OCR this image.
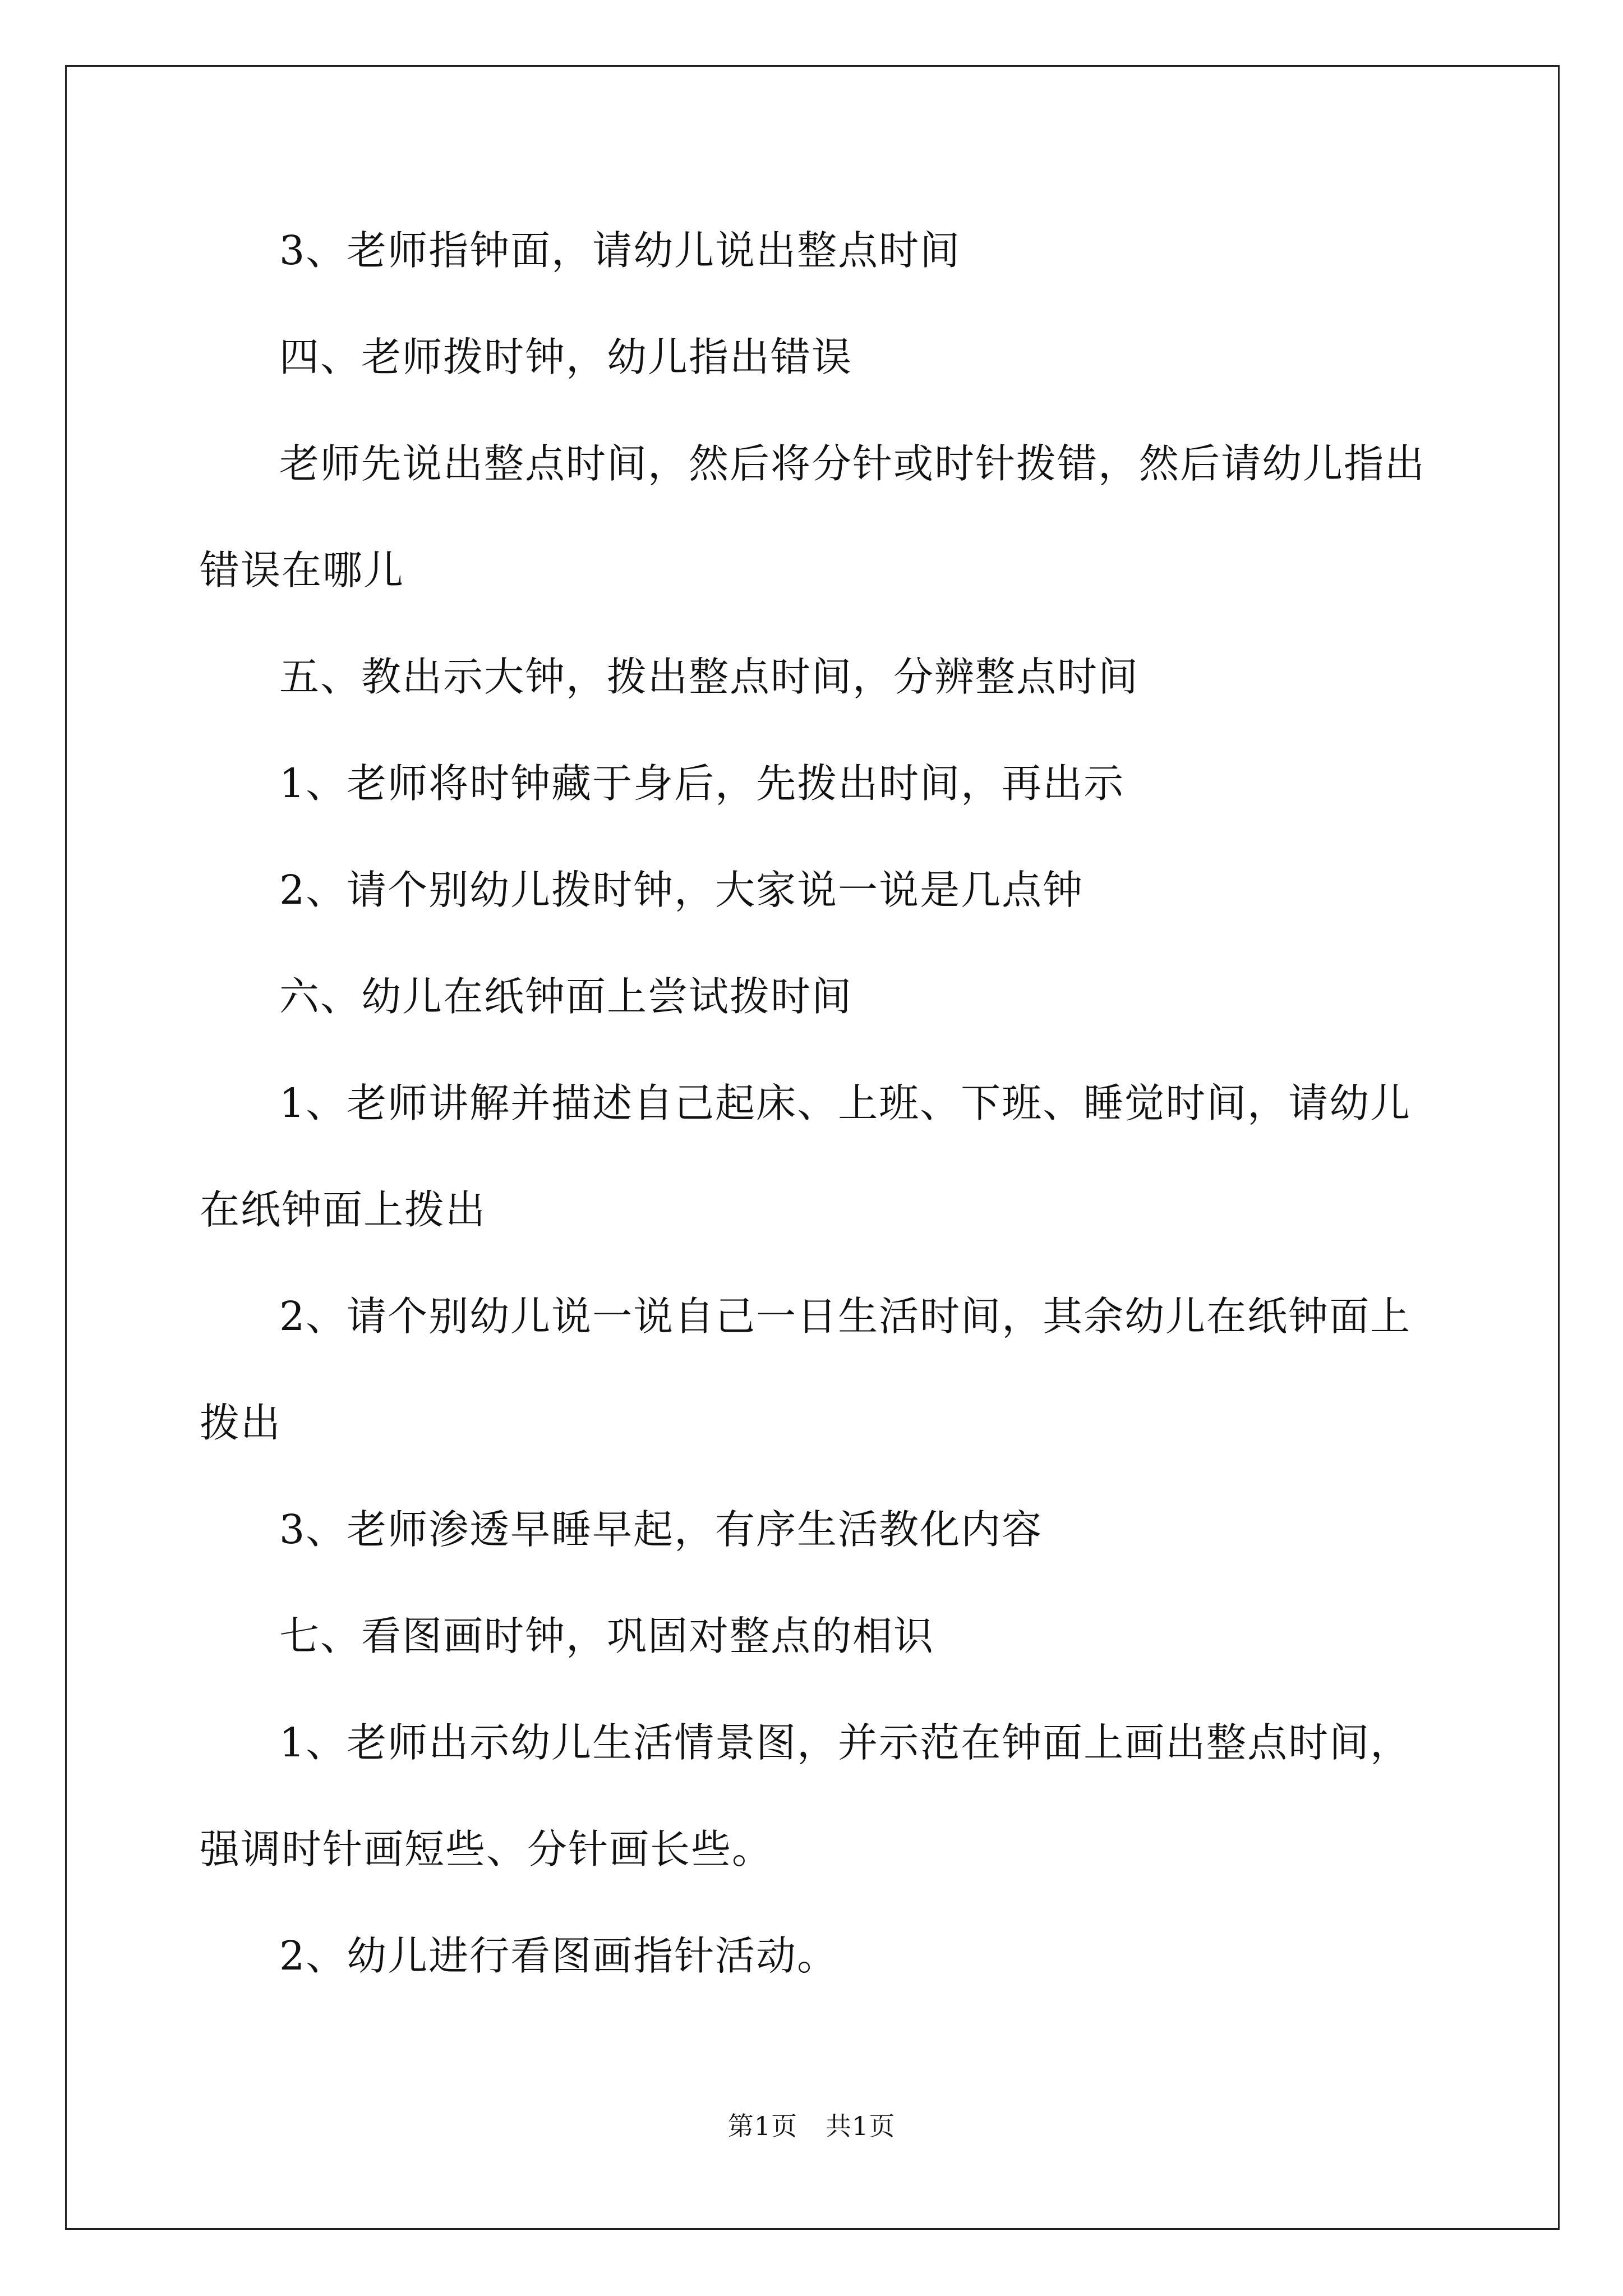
3、老师指钟面，请幼儿说出整点时间

四、老师拨时钟，幼儿指出错误

老师先说出整点时间，然后将分针或时针拨错，然后请幼儿指出错误在哪儿

五、教出示大钟，拨出整点时间，分辨整点时间

1、老师将时钟藏于身后，先拨出时间，再出示

2、请个别幼儿拨时钟，大家说一说是几点钟

六、幼儿在纸钟面上尝试拨时间

1、老师讲解并描述自己起床、上班、下班、睡觉时间，请幼儿在纸钟面上拨出

2、请个别幼儿说一说自己一日生活时间，其余幼儿在纸钟面上拨出

3、老师渗透早睡早起，有序生活教化内容

七、看图画时钟，巩固对整点的相识

1、老师出示幼儿生活情景图，并示范在钟面上画出整点时间，强调时针画短些、分针画长些。

2、幼儿进行看图画指针活动。

第1页 共1页
